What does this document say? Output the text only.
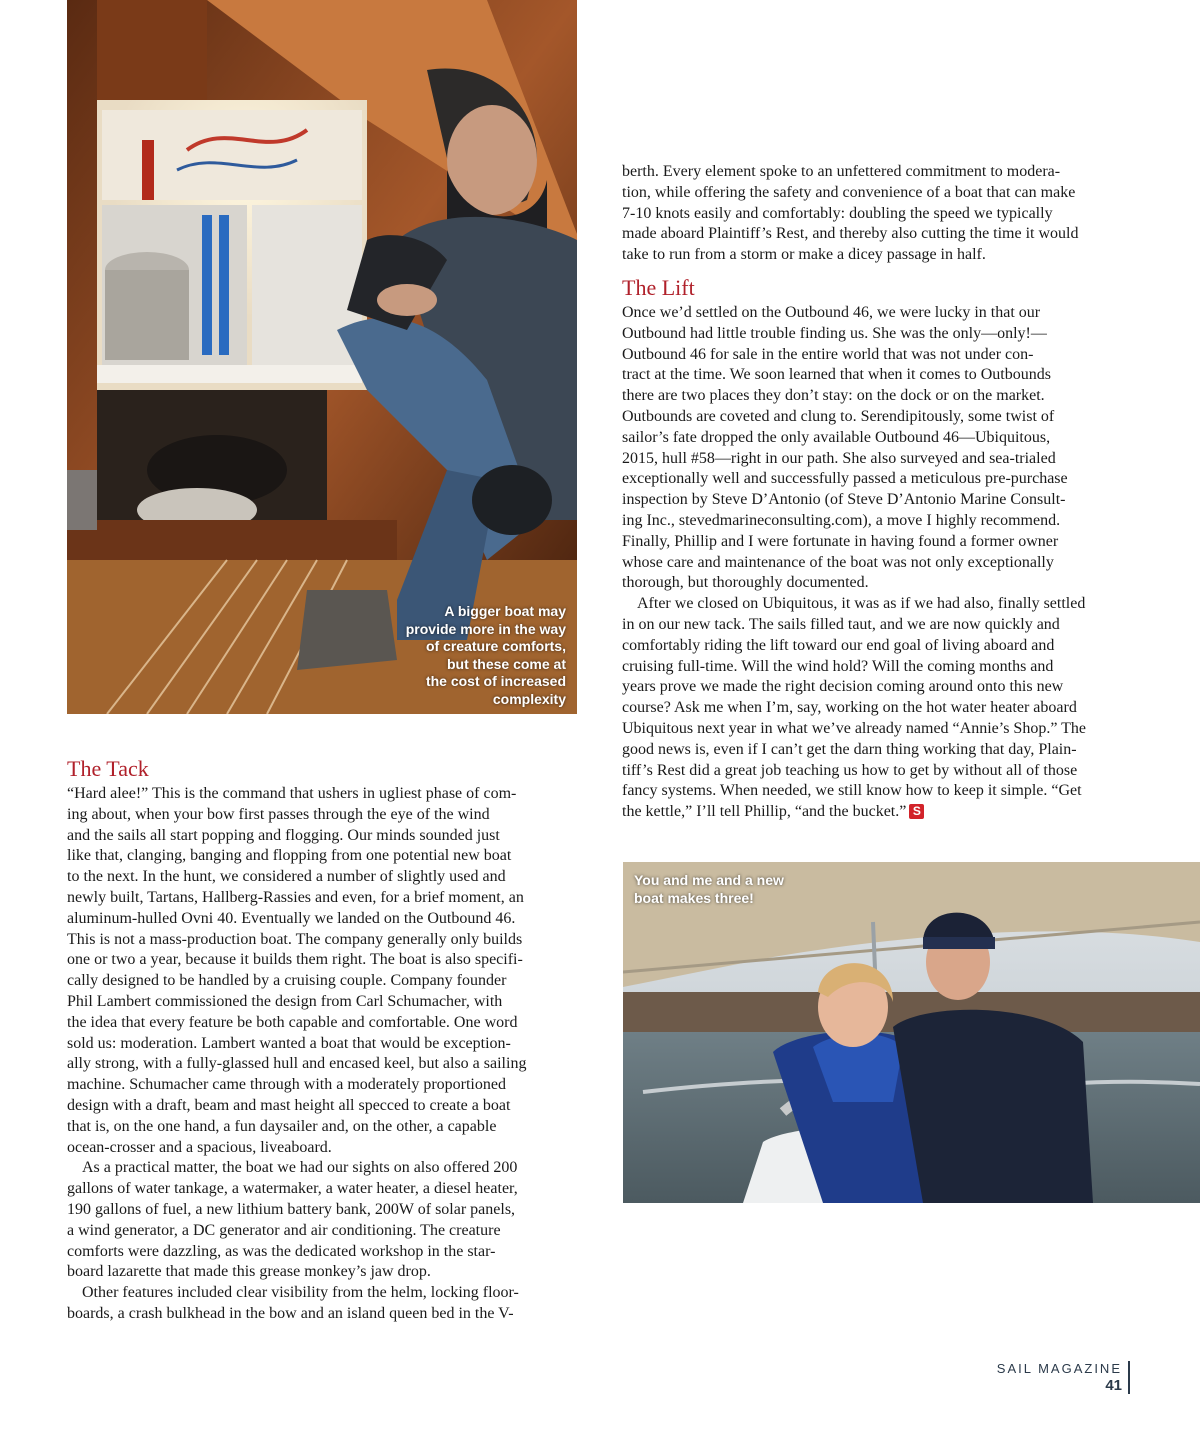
A bigger boat may
provide more in the way
of creature comforts,
but these come at
the cost of increased
complexity
You and me and a new
boat makes three!
The Tack
“Hard alee!” This is the command that ushers in ugliest phase of com-
ing about, when your bow first passes through the eye of the wind
and the sails all start popping and flogging. Our minds sounded just
like that, clanging, banging and flopping from one potential new boat
to the next. In the hunt, we considered a number of slightly used and
newly built, Tartans, Hallberg-Rassies and even, for a brief moment, an
aluminum-hulled Ovni 40. Eventually we landed on the Outbound 46.
This is not a mass-production boat. The company generally only builds
one or two a year, because it builds them right. The boat is also specifi-
cally designed to be handled by a cruising couple. Company founder
Phil Lambert commissioned the design from Carl Schumacher, with
the idea that every feature be both capable and comfortable. One word
sold us: moderation. Lambert wanted a boat that would be exception-
ally strong, with a fully-glassed hull and encased keel, but also a sailing
machine. Schumacher came through with a moderately proportioned
design with a draft, beam and mast height all specced to create a boat
that is, on the one hand, a fun daysailer and, on the other, a capable
ocean-crosser and a spacious, liveaboard.
As a practical matter, the boat we had our sights on also offered 200
gallons of water tankage, a watermaker, a water heater, a diesel heater,
190 gallons of fuel, a new lithium battery bank, 200W of solar panels,
a wind generator, a DC generator and air conditioning. The creature
comforts were dazzling, as was the dedicated workshop in the star-
board lazarette that made this grease monkey’s jaw drop.
Other features included clear visibility from the helm, locking floor-
boards, a crash bulkhead in the bow and an island queen bed in the V-
berth. Every element spoke to an unfettered commitment to modera-
tion, while offering the safety and convenience of a boat that can make
7-10 knots easily and comfortably: doubling the speed we typically
made aboard Plaintiff’s Rest, and thereby also cutting the time it would
take to run from a storm or make a dicey passage in half.
The Lift
Once we’d settled on the Outbound 46, we were lucky in that our
Outbound had little trouble finding us. She was the only—only!—
Outbound 46 for sale in the entire world that was not under con-
tract at the time. We soon learned that when it comes to Outbounds
there are two places they don’t stay: on the dock or on the market.
Outbounds are coveted and clung to. Serendipitously, some twist of
sailor’s fate dropped the only available Outbound 46—Ubiquitous,
2015, hull #58—right in our path. She also surveyed and sea-trialed
exceptionally well and successfully passed a meticulous pre-purchase
inspection by Steve D’Antonio (of Steve D’Antonio Marine Consult-
ing Inc., stevedmarineconsulting.com), a move I highly recommend.
Finally, Phillip and I were fortunate in having found a former owner
whose care and maintenance of the boat was not only exceptionally
thorough, but thoroughly documented.
After we closed on Ubiquitous, it was as if we had also, finally settled
in on our new tack. The sails filled taut, and we are now quickly and
comfortably riding the lift toward our end goal of living aboard and
cruising full-time. Will the wind hold? Will the coming months and
years prove we made the right decision coming around onto this new
course? Ask me when I’m, say, working on the hot water heater aboard
Ubiquitous next year in what we’ve already named “Annie’s Shop.” The
good news is, even if I can’t get the darn thing working that day, Plain-
tiff’s Rest did a great job teaching us how to get by without all of those
fancy systems. When needed, we still know how to keep it simple. “Get
the kettle,” I’ll tell Phillip, “and the bucket.” S
SAIL MAGAZINE
41
